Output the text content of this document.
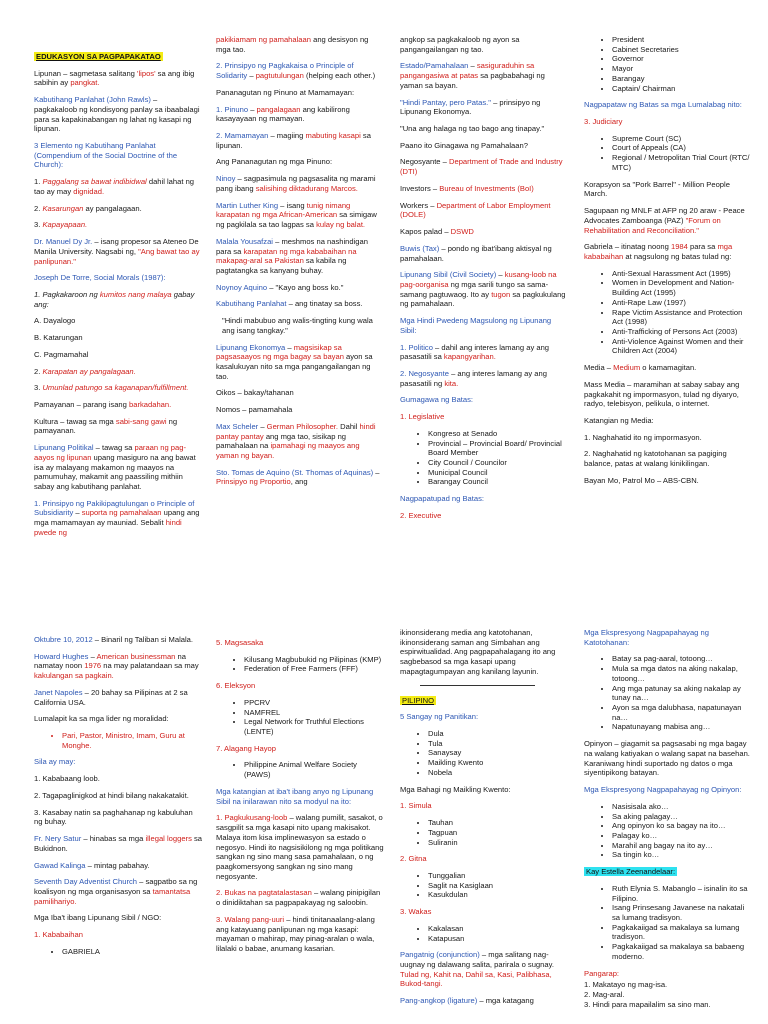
EDUKASYON SA PAGPAPAKATAO

Lipunan – sagmetasa salitang 'lipos' sa ang ibig sabihin ay pangkat.

Kabutihang Panlahat (John Rawls) – pagkakaloob ng kondisyong panlay sa ibaabalagi para sa kapakinabangan ng lahat ng kasapi ng lipunan.

3 Elemento ng Kabutihang Panlahat (Compendium of the Social Doctrine of the Church):

1. Paggalang sa bawat indibidwal dahil lahat ng tao ay may dignidad.

2. Kasarungan ay pangalagaan.

3. Kapayapaan.

Dr. Manuel Dy Jr. – isang propesor sa Ateneo De Manila University. Nagsabi ng, "Ang bawat tao ay panlipunan."

Joseph De Torre, Social Morals (1987):

1. Pagkakaroon ng kumitos nang malaya gabay ang:

A. Dayalogo

B. Katarungan

C. Pagmamahal

2. Karapatan ay pangalagaan.

3. Umunlad patungo sa kaganapan/fulfillment.

Pamayanan – parang isang barkadahan.

Kultura – tawag sa mga sabi-sang gawi ng pamayanan.

Lipunang Politikal – tawag sa paraan ng pag-aayos ng lipunan upang masiguro na ang bawat isa ay malayang makamon ng maayos na pamumuhay, makamit ang paassiling mithiin sabay ang kabutihang panlahat.

1. Prinsipyo ng Pakikipagtulungan o Principle of Subsidiarity – suporta ng pamahalaan upang ang mga mamamayan ay mauniad. Sebalit hindi pwede ng

pakikiamam ng pamahalaan ang desisyon ng mga tao.

2. Prinsipyo ng Pagkakaisa o Principle of Solidarity – pagtutulungan (helping each other.)

Pananagutan ng Pinuno at Mamamayan:

1. Pinuno – pangalagaan ang kabilirong kasayayaan ng mamayan.

2. Mamamayan – magiing mabuting kasapi sa lipunan.

Ang Pananagutan ng mga Pinuno:

Ninoy – sagpasimula ng pagsasalita ng marami pang ibang salisihing diktadurang Marcos.

Martin Luther King – isang tunig nimang karapatan ng mga African-American sa simigaw ng pagkilala sa tao lagpas sa kulay ng balat.

Malala Yousafzai – meshmos na nashindigan para sa karapatan ng mga kababaihan na makapag-aral sa Pakistan sa kabila ng pagtatangka sa kanyang buhay.

Noynoy Aquino – "Kayo ang boss ko."

Kabutihang Panlahat – ang tinatay sa boss.

"Hindi mabubuo ang walis-tingting kung wala ang isang tangkay."

Lipunang Ekonomya – magsisikap sa pagsasaayos ng mga bagay sa bayan ayon sa kasalukuyan nito sa mga pangangailangan ng tao.

Oikos – bakay/tahanan

Nomos – pamamahala

Max Scheler – German Philosopher. Dahil hindi pantay pantay ang mga tao, sisikap ng pamahalaan na ipamahagi ng maayos ang yaman ng bayan.

Sto. Tomas de Aquino (St. Thomas of Aquinas) – Prinsipyo ng Proportio, ang

angkop sa pagkakaloob ng ayon sa pangangailangan ng tao.

Estado/Pamahalaan – sasiguraduhin sa pangangasiwa at patas sa pagbabahagi ng yaman sa bayan.

"Hindi Pantay, pero Patas." – prinsipyo ng Lipunang Ekonomya.

"Una ang halaga ng tao bago ang tinapay."

Paano ito Ginagawa ng Pamahalaan?

Negosyante – Department of Trade and Industry (DTI)

Investors – Bureau of Investments (BoI)

Workers – Department of Labor Employment (DOLE)

Kapos palad – DSWD

Buwis (Tax) – pondo ng ibat'ibang aktisyal ng pamahalaan.

Lipunang Sibil (Civil Society) – kusang-loob na pag-oorganisa ng mga sarili tungo sa sama-samang pagtuwaog. Ito ay tugon sa pagkukulang ng pamahalaan.

Mga Hindi Pwedeng Magsulong ng Lipunang Sibil:

1. Politico – dahil ang interes lamang ay ang pasasatili sa kapangyarihan.

2. Negosyante – ang interes lamang ay ang pasasatili ng kita.

Gumagawa ng Batas:

1. Legislative

• Kongreso at Senado
• Provincial – Provincial Board/ Provincial Board Member
• City Council / Councilor
• Municipal Council
• Barangay Council

Nagpapatupad ng Batas:

2. Executive

• President
• Cabinet Secretaries
• Governor
• Mayor
• Barangay
• Captain/ Chairman

Nagpapataw ng Batas sa mga Lumalabag nito:

3. Judiciary

• Supreme Court (SC)
• Court of Appeals (CA)
• Regional / Metropolitan Trial Court (RTC/ MTC)

Korapsyon sa "Pork Barrel" - Million People March.

Sagupaan ng MNLF at AFP ng 20 araw - Peace Advocates Zamboanga (PAZ) "Forum on Rehabilitation and Reconciliation."

Gabriela – itinatag noong 1984 para sa mga kababaihan at nagsulong ng batas tulad ng:

• Anti-Sexual Harassment Act (1995)
• Women in Development and Nation-Building Act (1995)
• Anti-Rape Law (1997)
• Rape Victim Assistance and Protection Act (1998)
• Anti-Trafficking of Persons Act (2003)
• Anti-Violence Against Women and their Children Act (2004)

Media – Medium o kamamagitan.

Mass Media – maramihan at sabay sabay ang pagkakahit ng impormasyon, tulad ng diyaryo, radyo, telebisyon, pelikula, o internet.

Katangian ng Media:

1. Naghahatid ito ng impormasyon.

2. Naghahatid ng katotohanan sa pagiging balance, patas at walang kinikilingan.

Bayan Mo, Patrol Mo – ABS-CBN.

Oktubre 10, 2012 – Binaril ng Taliban si Malala.

Howard Hughes – American businessman na namatay noon 1976 na may palatandaan sa may kakulangan sa pagkain.

Janet Napoles – 20 bahay sa Pilipinas at 2 sa California USA.

Lumalapit ka sa mga lider ng moralidad:

• Pari, Pastor, Ministro, Imam, Guru at Monghe.

Sila ay may:

1. Kababaang loob.

2. Tagapaglinigkod at hindi bilang nakakatakit.

3. Kasabay natin sa paghahanap ng kabuluhan ng buhay.

Fr. Nery Satur – hinabas sa mga illegal loggers sa Bukidnon.

Gawad Kalinga – mintag pabahay.

Seventh Day Adventist Church – sagpatbo sa ng koalisyon ng mga organisasyon sa tamantatsa pamilihariyo.

Mga Iba't ibang Lipunang Sibil / NGO:

1. Kababaihan

• GABRIELA

5. Magsasaka

• Kilusang Magbubukid ng Pilipinas (KMP)
• Federation of Free Farmers (FFF)

6. Eleksyon

• PPCRV
• NAMFREL
• Legal Network for Truthful Elections (LENTE)

7. Alagang Hayop

• Philippine Animal Welfare Society (PAWS)

Mga katangian at iba't ibang anyo ng Lipunang Sibil na inilarawan nito sa modyul na ito:

1. Pagkukusang-loob – walang pumilit, sasakot, o sasgpilit sa mga kasapi nito upang makisakot. Malaya itom kisa implinewasyon sa estado o negosyo. Hindi ito nagsisikilong ng mga politikang sangkan ng sino mang sasa pamahalaan, o ng paagkomersyong sangkan ng sino mang negosyante.

2. Bukas na pagtatalastasan – walang pinipigilan o dinidiktahan sa pagpapakayag ng saloobin.

3. Walang pang-uuri – hindi tinitanaalang-alang ang katayuang panlipunan ng mga kasapi: mayaman o mahirap, may pinag-aralan o wala, lilalaki o babae, anumang kasarian.

ikinonsiderang media ang katotohanan, ikinonsiderang saman ang Simbahan ang espirwitualidad. Ang pagpapahalagang ito ang sagbebasod sa mga kasapi upang mapagtagumpayan ang kanilang layunin.

PILIPINO

5 Sangay ng Panitikan:

• Dula
• Tula
• Sanaysay
• Maikling Kwento
• Nobela

Mga Bahagi ng Maikling Kwento:

1. Simula

• Tauhan
• Tagpuan
• Suliranin

2. Gitna

• Tunggalian
• Saglit na Kasiglaan
• Kasukdulan

3. Wakas

• Kakalasan
• Katapusan

Pangatnig (conjunction) – mga salitang nag-uugnay ng dalawang salita, parirala o sugnay. Tulad ng, Kahit na, Dahil sa, Kasi, Palibhasa, Bukod-tangi.

Pang-angkop (ligature) – mga katagang

Mga Ekspresyong Nagpapahayag ng Katotohanan:

• Batay sa pag-aaral, totoong…
• Mula sa mga datos na aking nakalap, totoong…
• Ang mga patunay sa aking nakalap ay tunay na…
• Ayon sa mga dalubhasa, napatunayan na…
• Napatunayang mabisa ang…

Opinyon – giagamit sa pagsasabi ng mga bagay na walang katiyakan o walang sapat na basehan. Karaniwang hindi suportado ng datos o mga siyentipikong batayan.

Mga Ekspresyong Nagpapahayag ng Opinyon:

• Nasisisala ako…
• Sa aking palagay…
• Ang opinyon ko sa bagay na ito…
• Palagay ko…
• Marahil ang bagay na ito ay…
• Sa tingin ko…

Kay Estella Zeenandelaar:

• Ruth Elynia S. Mabanglo – isinalin ito sa Filipino.
• Isang Prinsesang Javanese na nakatali sa lumang tradisyon.
• Pagkakaiigad sa makalaya sa lumang tradisyon.
• Pagkakaiigad sa makalaya sa babaeng moderno.

Pangarap:

1. Makatayo ng mag-isa.

2. Mag-aral.

3. Hindi para mapailalim sa sino man.
